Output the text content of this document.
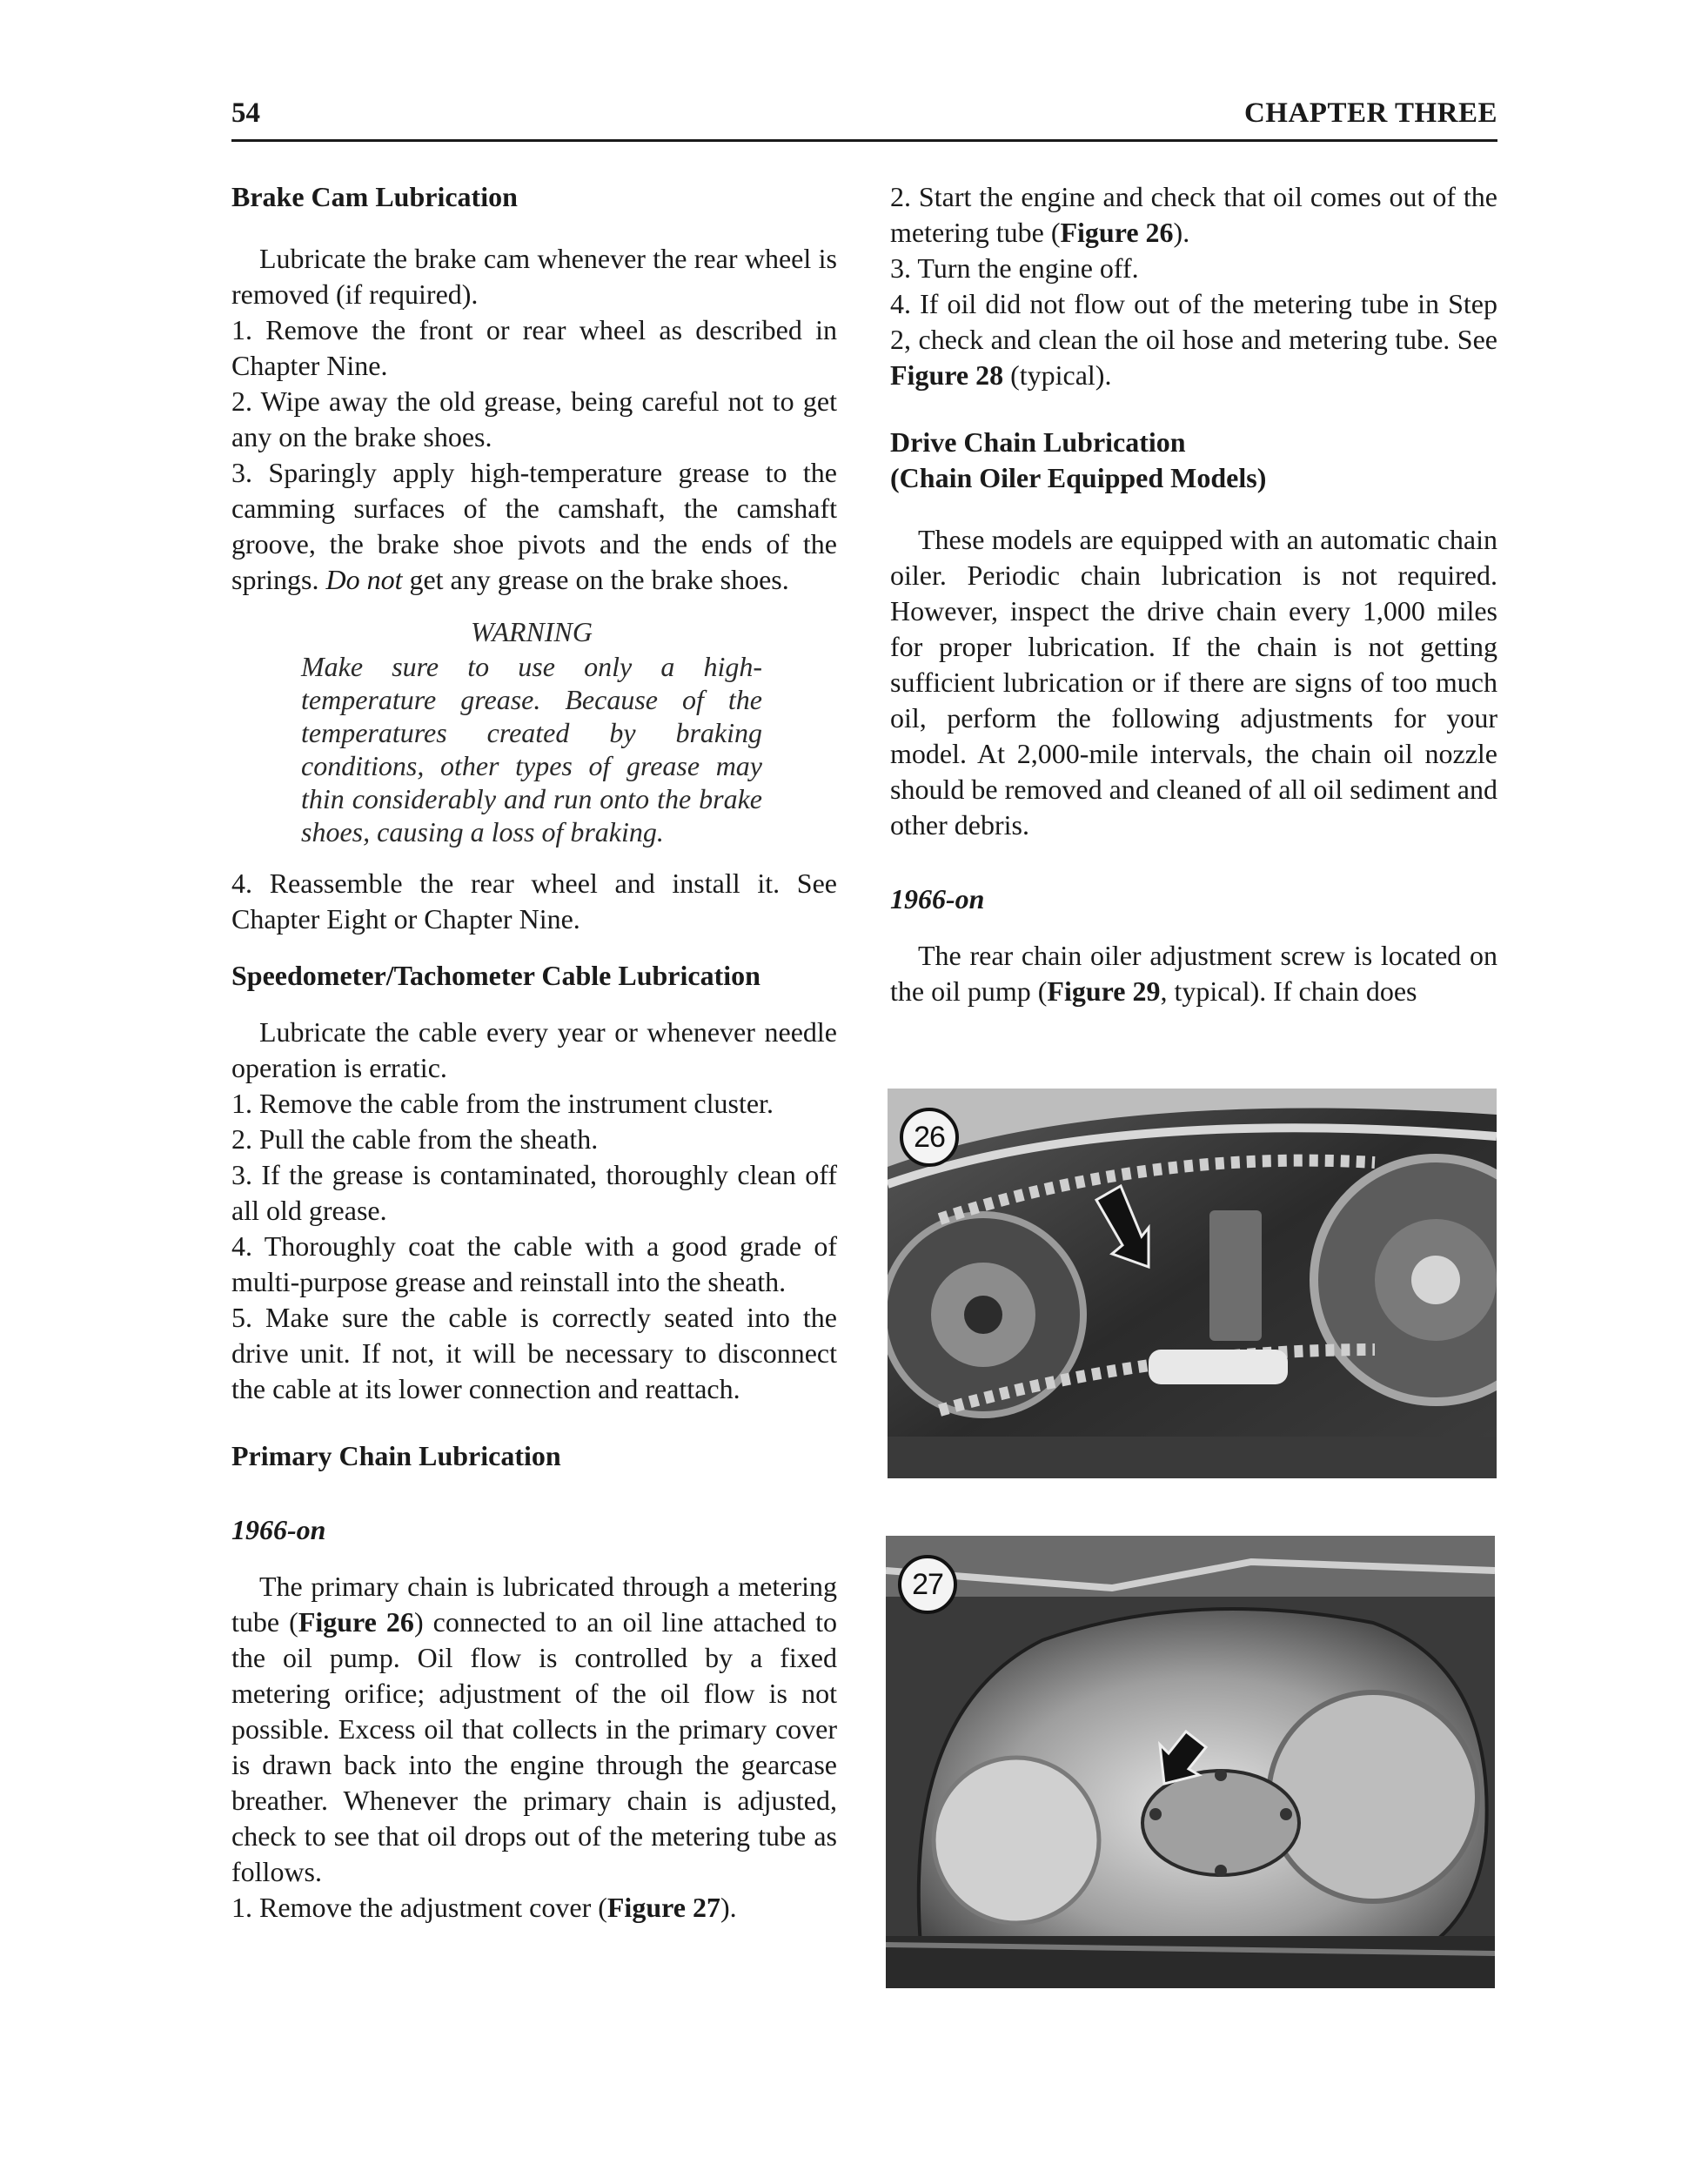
54	CHAPTER THREE
Brake Cam Lubrication

Lubricate the brake cam whenever the rear wheel is removed (if required).

1. Remove the front or rear wheel as described in Chapter Nine.

2. Wipe away the old grease, being careful not to get any on the brake shoes.

3. Sparingly apply high-temperature grease to the camming surfaces of the camshaft, the camshaft groove, the brake shoe pivots and the ends of the springs. Do not get any grease on the brake shoes.

WARNING
Make sure to use only a high-temperature grease. Because of the temperatures created by braking conditions, other types of grease may thin considerably and run onto the brake shoes, causing a loss of braking.

4. Reassemble the rear wheel and install it. See Chapter Eight or Chapter Nine.

Speedometer/Tachometer Cable Lubrication

Lubricate the cable every year or whenever needle operation is erratic.

1. Remove the cable from the instrument cluster.

2. Pull the cable from the sheath.

3. If the grease is contaminated, thoroughly clean off all old grease.

4. Thoroughly coat the cable with a good grade of multi-purpose grease and reinstall into the sheath.

5. Make sure the cable is correctly seated into the drive unit. If not, it will be necessary to disconnect the cable at its lower connection and reattach.

Primary Chain Lubrication
1966-on

The primary chain is lubricated through a metering tube (Figure 26) connected to an oil line attached to the oil pump. Oil flow is controlled by a fixed metering orifice; adjustment of the oil flow is not possible. Excess oil that collects in the primary cover is drawn back into the engine through the gearcase breather. Whenever the primary chain is adjusted, check to see that oil drops out of the metering tube as follows.

1. Remove the adjustment cover (Figure 27).

2. Start the engine and check that oil comes out of the metering tube (Figure 26).

3. Turn the engine off.

4. If oil did not flow out of the metering tube in Step 2, check and clean the oil hose and metering tube. See Figure 28 (typical).

Drive Chain Lubrication
(Chain Oiler Equipped Models)

These models are equipped with an automatic chain oiler. Periodic chain lubrication is not required. However, inspect the drive chain every 1,000 miles for proper lubrication. If the chain is not getting sufficient lubrication or if there are signs of too much oil, perform the following adjustments for your model. At 2,000-mile intervals, the chain oil nozzle should be removed and cleaned of all oil sediment and other debris.

1966-on

The rear chain oiler adjustment screw is located on the oil pump (Figure 29, typical). If chain does

26
27
